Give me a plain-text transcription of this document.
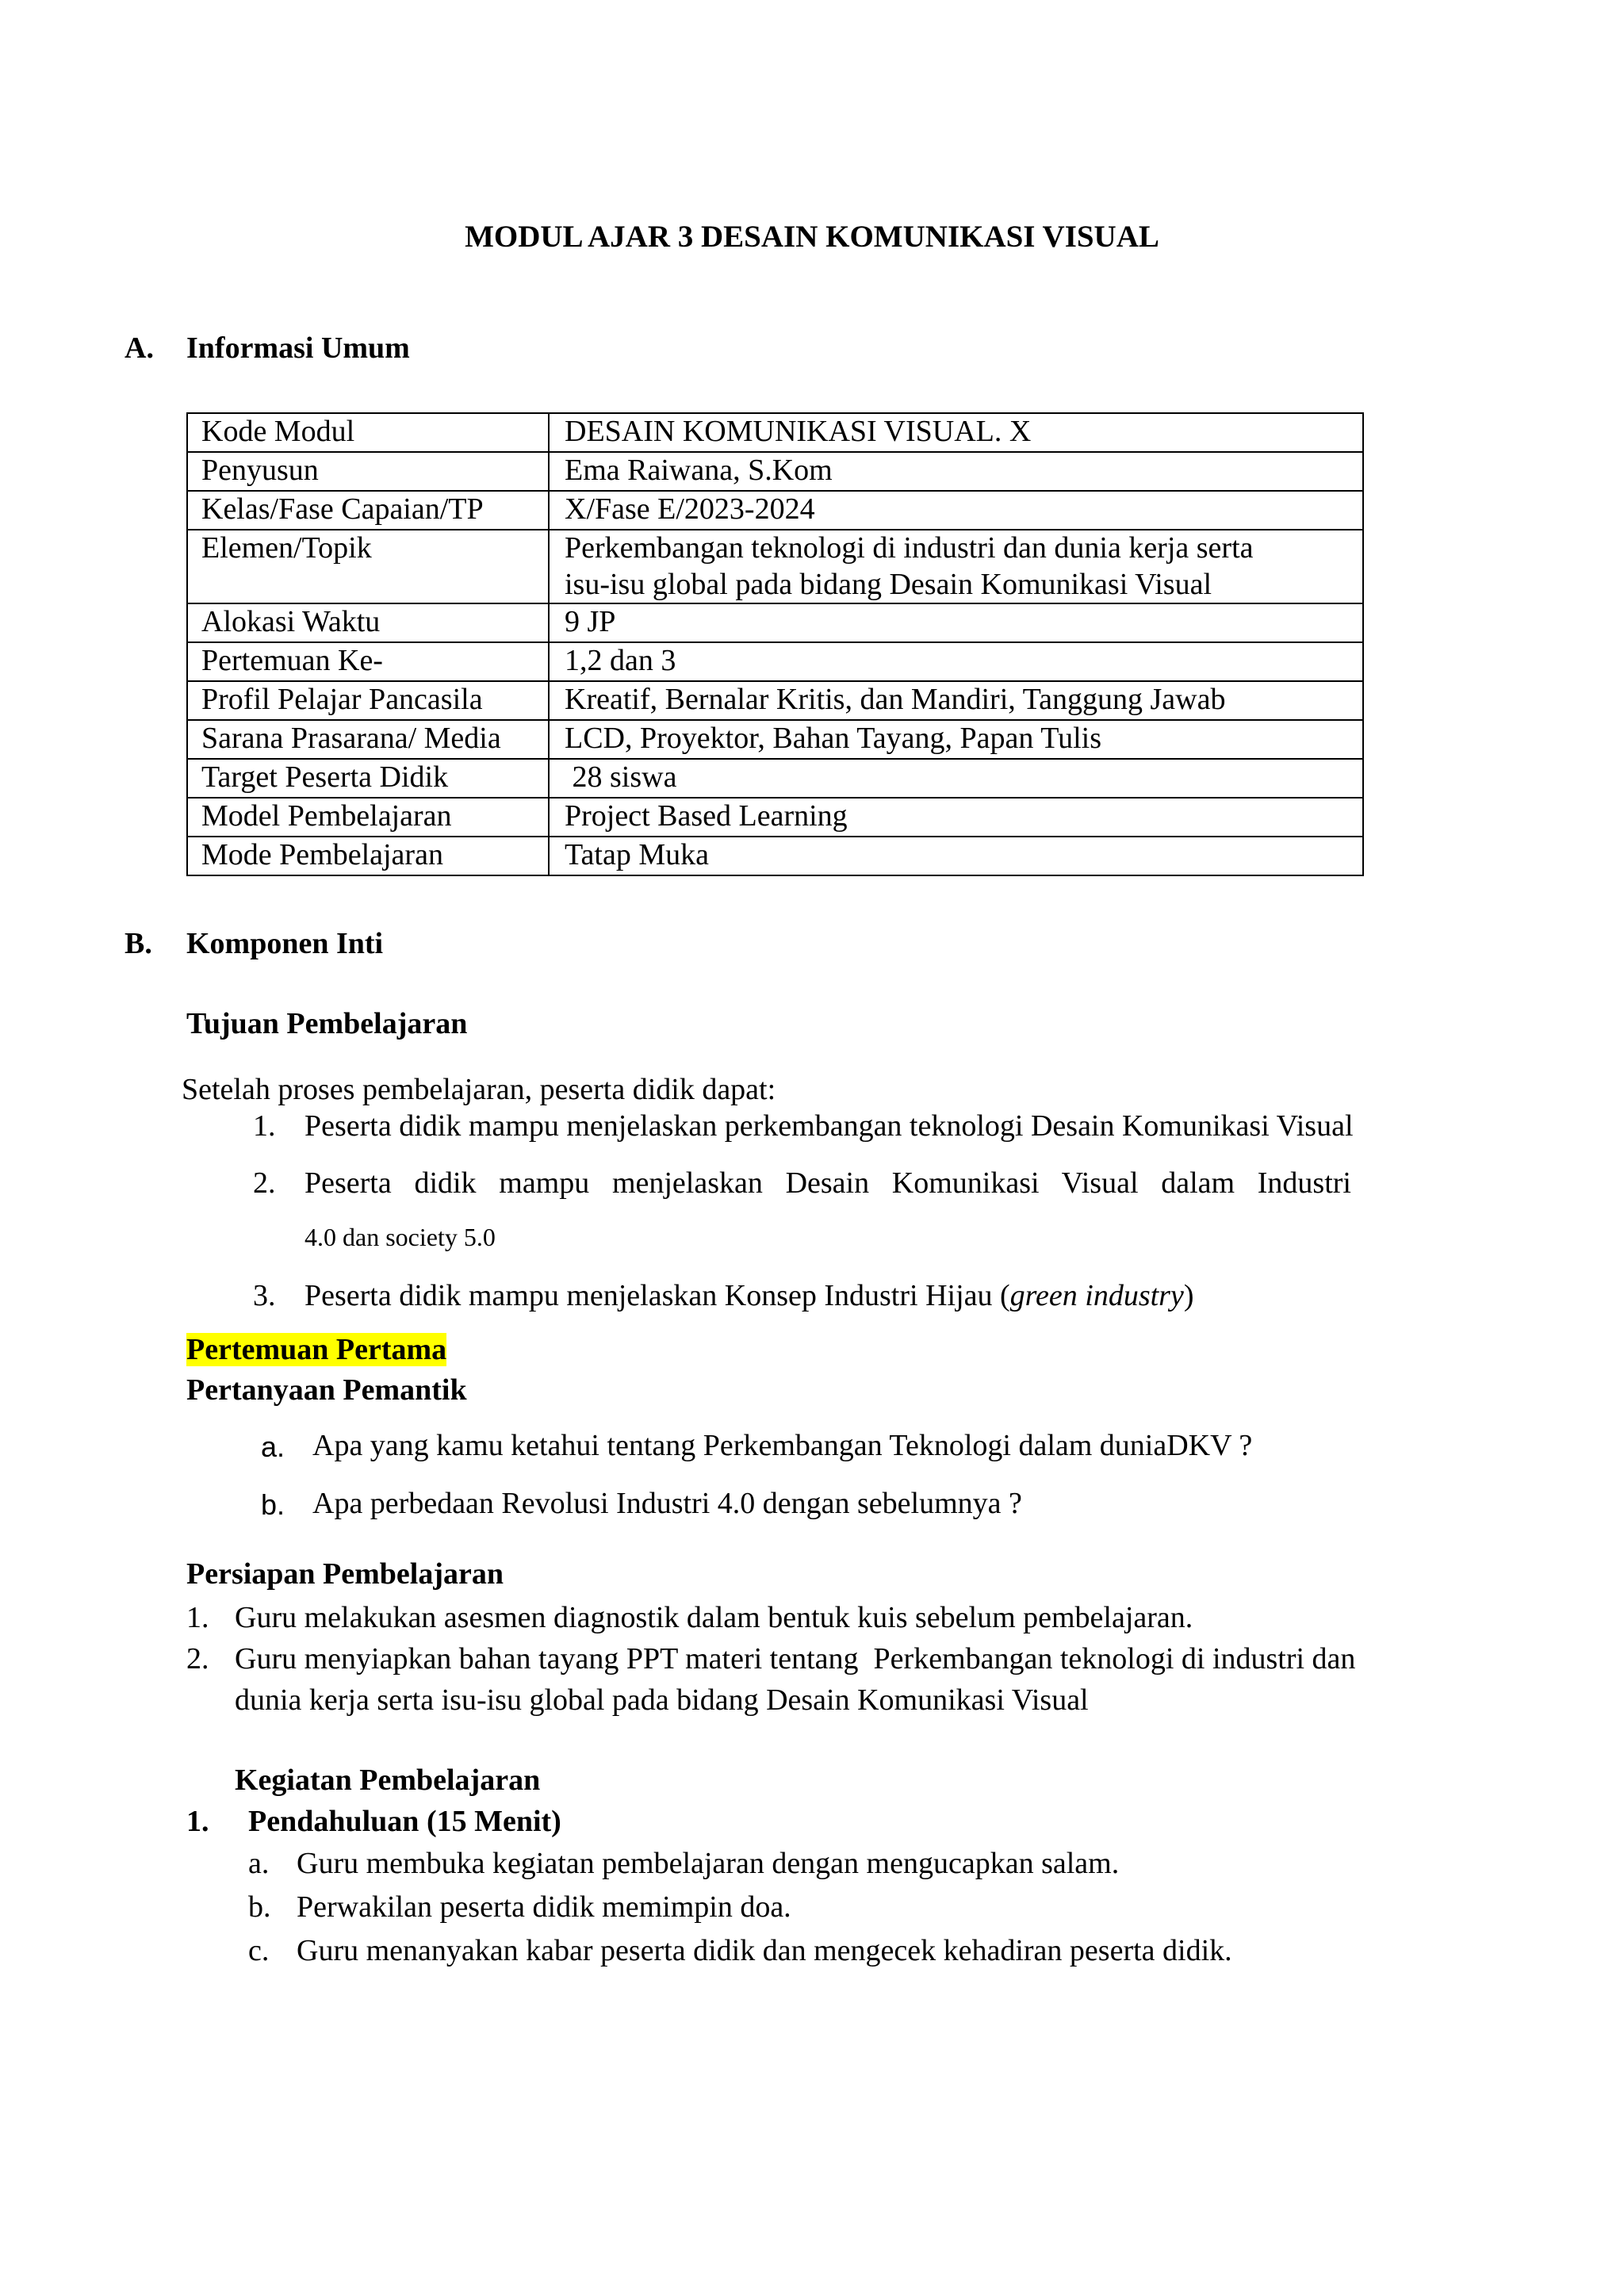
MODUL AJAR 3 DESAIN KOMUNIKASI VISUAL
A. Informasi Umum
Kode Modul	DESAIN KOMUNIKASI VISUAL. X
Penyusun	Ema Raiwana, S.Kom
Kelas/Fase Capaian/TP	X/Fase E/2023-2024
Elemen/Topik	Perkembangan teknologi di industri dan dunia kerja serta
isu-isu global pada bidang Desain Komunikasi Visual

Alokasi Waktu	9 JP
Pertemuan Ke-	1,2 dan 3
Profil Pelajar Pancasila	Kreatif, Bernalar Kritis, dan Mandiri, Tanggung Jawab
Sarana Prasarana/ Media	LCD, Proyektor, Bahan Tayang, Papan Tulis
Target Peserta Didik	28 siswa
Model Pembelajaran	Project Based Learning
Mode Pembelajaran	Tatap Muka
B. Komponen Inti
Tujuan Pembelajaran
Setelah proses pembelajaran, peserta didik dapat:
1. Peserta didik mampu menjelaskan perkembangan teknologi Desain Komunikasi Visual
2. Peserta didik mampu menjelaskan Desain Komunikasi Visual dalam Industri
4.0 dan society 5.0
3. Peserta didik mampu menjelaskan Konsep Industri Hijau (green industry)
Pertemuan Pertama
Pertanyaan Pemantik
a. Apa yang kamu ketahui tentang Perkembangan Teknologi dalam duniaDKV ?
b. Apa perbedaan Revolusi Industri 4.0 dengan sebelumnya ?
Persiapan Pembelajaran
1. Guru melakukan asesmen diagnostik dalam bentuk kuis sebelum pembelajaran.
2. Guru menyiapkan bahan tayang PPT materi tentang  Perkembangan teknologi di industri dan
dunia kerja serta isu-isu global pada bidang Desain Komunikasi Visual
Kegiatan Pembelajaran
1. Pendahuluan (15 Menit)
a. Guru membuka kegiatan pembelajaran dengan mengucapkan salam.
b. Perwakilan peserta didik memimpin doa.
c. Guru menanyakan kabar peserta didik dan mengecek kehadiran peserta didik.
